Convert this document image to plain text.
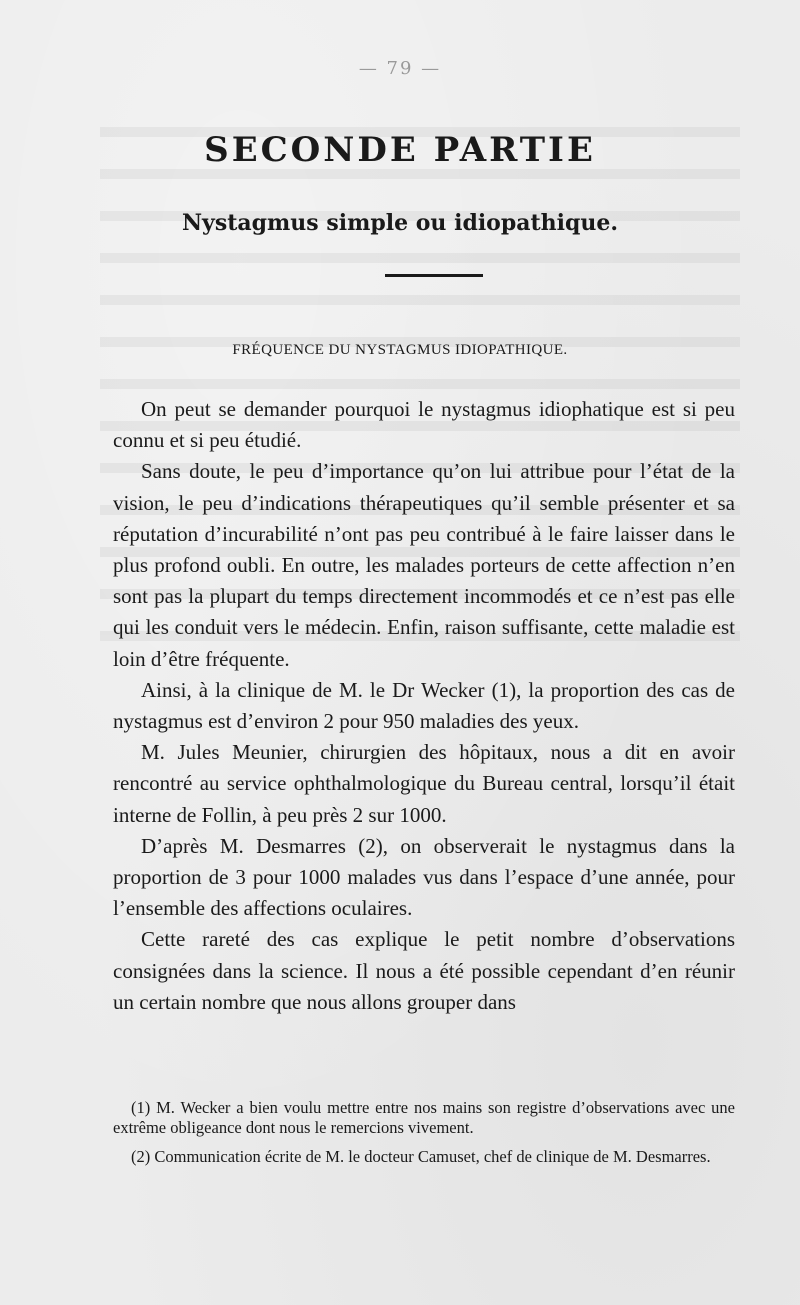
— 79 —
SECONDE PARTIE
Nystagmus simple ou idiopathique.
FRÉQUENCE DU NYSTAGMUS IDIOPATHIQUE.

On peut se demander pourquoi le nystagmus idiophatique est si peu connu et si peu étudié.

Sans doute, le peu d’importance qu’on lui attribue pour l’état de la vision, le peu d’indications thérapeutiques qu’il semble présenter et sa réputation d’incurabilité n’ont pas peu contribué à le faire laisser dans le plus profond oubli. En outre, les malades porteurs de cette affection n’en sont pas la plupart du temps directement incommodés et ce n’est pas elle qui les conduit vers le médecin. Enfin, raison suffisante, cette maladie est loin d’être fréquente.

Ainsi, à la clinique de M. le Dr Wecker (1), la proportion des cas de nystagmus est d’environ 2 pour 950 maladies des yeux.

M. Jules Meunier, chirurgien des hôpitaux, nous a dit en avoir rencontré au service ophthalmologique du Bureau central, lorsqu’il était interne de Follin, à peu près 2 sur 1000.

D’après M. Desmarres (2), on observerait le nystagmus dans la proportion de 3 pour 1000 malades vus dans l’espace d’une année, pour l’ensemble des affections oculaires.

Cette rareté des cas explique le petit nombre d’observations consignées dans la science. Il nous a été possible cependant d’en réunir un certain nombre que nous allons grouper dans

(1) M. Wecker a bien voulu mettre entre nos mains son registre d’observations avec une extrême obligeance dont nous le remercions vivement.

(2) Communication écrite de M. le docteur Camuset, chef de clinique de M. Desmarres.
